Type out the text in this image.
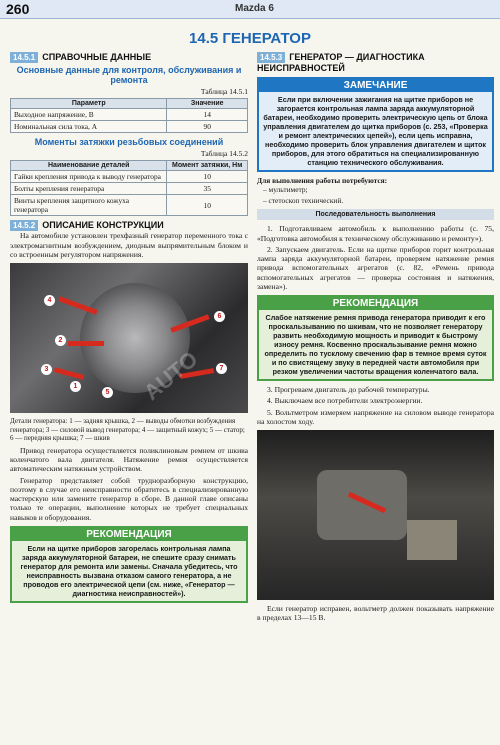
260	Mazda 6
14.5 ГЕНЕРАТОР
14.5.1 СПРАВОЧНЫЕ ДАННЫЕ
Основные данные для контроля, обслуживания и ремонта
Таблица 14.5.1
Параметр	Значение
Выходное напряжение, В	14
Номинальная сила тока, А	90
Моменты затяжки резьбовых соединений
Таблица 14.5.2
Наименование деталей	Момент затяжки, Нм
Гайки крепления привода к выводу генератора	10
Болты крепления генератора	35
Винты крепления защитного кожуха генератора	10
14.5.2 ОПИСАНИЕ КОНСТРУКЦИИ

На автомобиле установлен трехфазный генератор переменного тока с электромагнитным возбуждением, диодным выпрямительным блоком и со встроенным регулятором напряжения.

4
2
3
1
5
6
7
AUTO
Детали генератора: 1 — задняя крышка, 2 — выводы обмотки возбуждения генератора; 3 — силовой вывод генератора; 4 — защитный кожух; 5 — статор; 6 — передняя крышка; 7 — шкив

Привод генератора осуществляется поликлиновым ремнем от шкива коленчатого вала двигателя. Натяжение ремня осуществляется автоматическим натяжным устройством.

Генератор представляет собой трудноразборную конструкцию, поэтому в случае его неисправности обратитесь в специализированную мастерскую или замените генератор в сборе. В данной главе описаны только те операции, выполнение которых не требует специальных навыков и оборудования.

РЕКОМЕНДАЦИЯ
Если на щитке приборов загорелась контрольная лампа заряда аккумуляторной батареи, не спешите сразу снимать генератор для ремонта или замены. Сначала убедитесь, что неисправность вызвана отказом самого генератора, а не проводов его электрической цепи (см. ниже, «Генератор — диагностика неисправностей»).
14.5.3 ГЕНЕРАТОР — ДИАГНОСТИКА НЕИСПРАВНОСТЕЙ
ЗАМЕЧАНИЕ
Если при включении зажигания на щитке приборов не загорается контрольная лампа заряда аккумуляторной батареи, необходимо проверить электрическую цепь от блока управления двигателем до щитка приборов (с. 253, «Проверка и ремонт электрических цепей»), если цепь исправна, необходимо проверить блок управления двигателем и щиток приборов, для этого обратиться на специализированную станцию технического обслуживания.
Для выполнения работы потребуются:
– мультиметр;
– стетоскоп технический.
Последовательность выполнения

1. Подготавливаем автомобиль к выполнению работы (с. 75, «Подготовка автомобиля к техническому обслуживанию и ремонту»).

2. Запускаем двигатель. Если на щитке приборов горит контрольная лампа заряда аккумуляторной батареи, проверяем натяжение ремня привода вспомогательных агрегатов (с. 82, «Ремень привода вспомогательных агрегатов — проверка состояния и натяжения, замена»).

РЕКОМЕНДАЦИЯ
Слабое натяжение ремня привода генератора приводит к его проскальзыванию по шкивам, что не позволяет генератору развить необходимую мощность и приводит к быстрому износу ремня. Косвенно проскальзывание ремня можно определить по тусклому свечению фар в темное время суток и по свистящему звуку в передней части автомобиля при резком увеличении частоты вращения коленчатого вала.

3. Прогреваем двигатель до рабочей температуры.

4. Выключаем все потребители электроэнергии.

5. Вольтметром измеряем напряжение на силовом выводе генератора на холостом ходу.

Если генератор исправен, вольтметр должен показывать напряжение в пределах 13—15 В.
